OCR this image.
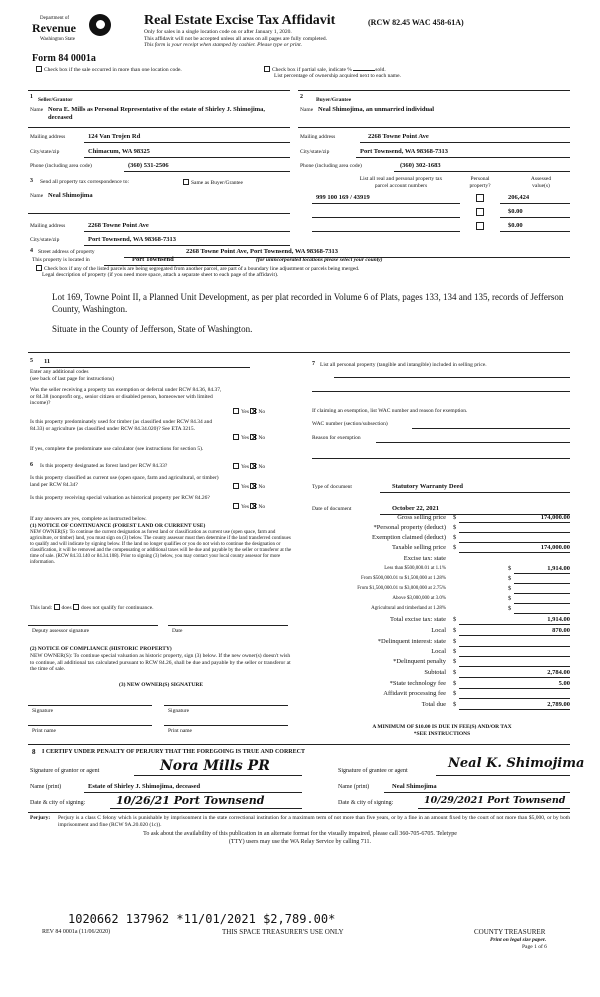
Department of
Revenue
Washington State
Real Estate Excise Tax Affidavit	(RCW 82.45 WAC 458-61A)
Only for sales in a single location code on or after January 1, 2020.
This affidavit will not be accepted unless all areas on all pages are fully completed.
This form is your receipt when stamped by cashier. Please type or print.
Form 84 0001a
Check box if the sale occurred in more than one location code.	Check box if partial sale, indicate %	sold.
List percentage of ownership acquired next to each name.
1 Seller/Grantor
Name Nora E. Mills as Personal Representative of the estate of Shirley J. Shimojima, deceased
Mailing address	124 Van Trojen Rd
City/state/zip	Chimacum, WA 98325
Phone (including area code)	(360) 531-2506
2 Buyer/Grantee
Name Neal Shimojima, an unmarried individual
Mailing address	2268 Towne Point Ave
City/state/zip	Port Townsend, WA 98368-7313
Phone (including area code)	(360) 302-1683
3 Send all property tax correspondence to:	Same as Buyer/Grantee
Name Neal Shimojima
Mailing address	2268 Towne Point Ave
City/state/zip	Port Townsend, WA 98368-7313
List all real and personal property tax
parcel account numbers
Personal
property?
Assessed
value(s)
999 100 169 / 43919	206,424
$0.00
$0.00
4 Street address of property	2268 Towne Point Ave, Port Townsend, WA 98368-7313
This property is located in	Port Townsend	(for unincorporated locations please select your county)
Check box if any of the listed parcels are being segregated from another parcel, are part of a boundary line adjustment or parcels being merged.
Legal description of property (if you need more space, attach a separate sheet to each page of the affidavit).
Lot 169, Towne Point II, a Planned Unit Development, as per plat recorded in Volume 6 of Plats, pages 133, 134 and 135, records of Jefferson County, Washington.
Situate in the County of Jefferson, State of Washington.
5 11
Enter any additional codes
(see back of last page for instructions)
Was the seller receiving a property tax exemption or deferral under RCW 84.36, 84.37, or 84.38 (nonprofit org., senior citizen or disabled person, homeowner with limited income)?
Yes No
Is this property predominately used for timber (as classified under RCW 84.34 and 84.33) or agriculture (as classified under RCW 84.34.020)? See ETA 3215.
Yes No
If yes, complete the predominate use calculator (see instructions for section 5).
6 Is this property designated as forest land per RCW 84.33?	Yes No
Is this property classified as current use (open space, farm and agricultural, or timber) land per RCW 84.34?	Yes No
Is this property receiving special valuation as historical property per RCW 84.26?
Yes No
If any answers are yes, complete as instructed below.
(1) NOTICE OF CONTINUANCE (FOREST LAND OR CURRENT USE)
NEW OWNER(S): To continue the current designation as forest land or classification as current use (open space, farm and agriculture, or timber) land, you must sign on (3) below. The county assessor must then determine if the land transferred continues to qualify and will indicate by signing below. If the land no longer qualifies or you do not wish to continue the designation or classification, it will be removed and the compensating or additional taxes will be due and payable by the seller or transferor at the time of sale. (RCW 84.33.140 or 84.34.108). Prior to signing (3) below, you may contact your local county assessor for more information.
This land: does does not qualify for continuance.
Deputy assessor signature	Date
(2) NOTICE OF COMPLIANCE (HISTORIC PROPERTY)
NEW OWNER(S): To continue special valuation as historic property, sign (3) below. If the new owner(s) doesn't wish to continue, all additional tax calculated pursuant to RCW 84.26, shall be due and payable by the seller or transferor at the time of sale.
(3) NEW OWNER(S) SIGNATURE
Signature	Signature
Print name	Print name
7 List all personal property (tangible and intangible) included in selling price.
If claiming an exemption, list WAC number and reason for exemption.
WAC number (section/subsection)
Reason for exemption
Type of document	Statutory Warranty Deed
Date of document	October 22, 2021
Gross selling price $	174,000.00
*Personal property (deduct) $
Exemption claimed (deduct) $
Taxable selling price $	174,000.00
Excise tax: state
Less than $500,000.01 at 1.1%	$	1,914.00
From $500,000.01 to $1,500,000 at 1.28%	$
From $1,500,000.01 to $3,000,000 at 2.75%	$
Above $3,000,000 at 3.0%	$
Agricultural and timberland at 1.28%	$
Total excise tax: state $	1,914.00
Local $	870.00
*Delinquent interest: state $
Local $
*Delinquent penalty $
Subtotal $	2,784.00
*State technology fee $	5.00
Affidavit processing fee $
Total due $	2,789.00
A MINIMUM OF $10.00 IS DUE IN FEE(S) AND/OR TAX
*SEE INSTRUCTIONS
8 I CERTIFY UNDER PENALTY OF PERJURY THAT THE FOREGOING IS TRUE AND CORRECT
Signature of grantor or agent	Nora Mills PR	Signature of grantee or agent	Neal K. Shimojima
Name (print)	Estate of Shirley J. Shimojima, deceased	Name (print)	Neal Shimojima
Date & city of signing:	10/26/21 Port Townsend	Date & city of signing:	10/29/2021 Port Townsend
Perjury: Perjury is a class C felony which is punishable by imprisonment in the state correctional institution for a maximum term of not more than five years, or by a fine in an amount fixed by the court of not more than $5,000, or by both imprisonment and fine (RCW 9A.20.020 (1c)).
To ask about the availability of this publication in an alternate format for the visually impaired, please call 360-705-6705. Teletype
(TTY) users may use the WA Relay Service by calling 711.
1020662 137962 *11/01/2021 $2,789.00*
REV 84 0001a (11/06/2020)	THIS SPACE TREASURER'S USE ONLY	COUNTY TREASURER
Print on legal size paper.
Page 1 of 6
